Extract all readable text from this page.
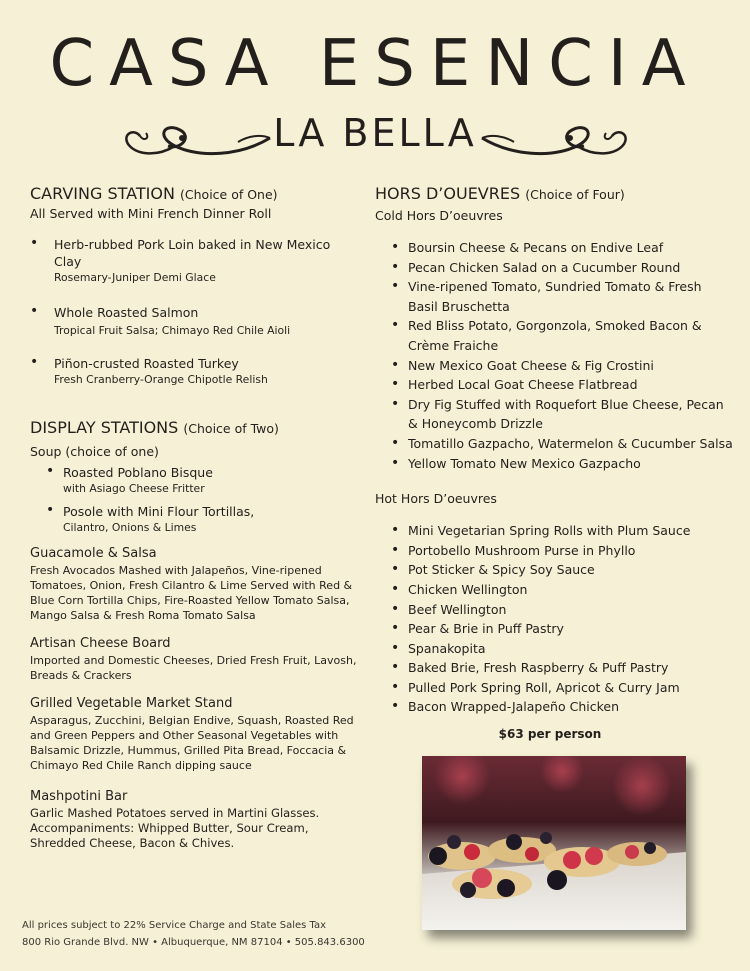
CASA ESENCIA
LA BELLA
CARVING STATION (Choice of One)
All Served with Mini French Dinner Roll
• Herb-rubbed Pork Loin baked in New Mexico Clay
Rosemary-Juniper Demi Glace
• Whole Roasted Salmon
Tropical Fruit Salsa; Chimayo Red Chile Aioli
• Piñon-crusted Roasted Turkey
Fresh Cranberry-Orange Chipotle Relish
DISPLAY STATIONS (Choice of Two)
Soup (choice of one)
• Roasted Poblano Bisque
with Asiago Cheese Fritter
• Posole with Mini Flour Tortillas,
Cilantro, Onions & Limes
Guacamole & Salsa
Fresh Avocados Mashed with Jalapeños, Vine-ripened Tomatoes, Onion, Fresh Cilantro & Lime Served with Red & Blue Corn Tortilla Chips, Fire-Roasted Yellow Tomato Salsa, Mango Salsa & Fresh Roma Tomato Salsa
Artisan Cheese Board
Imported and Domestic Cheeses, Dried Fresh Fruit, Lavosh, Breads & Crackers
Grilled Vegetable Market Stand
Asparagus, Zucchini, Belgian Endive, Squash, Roasted Red and Green Peppers and Other Seasonal Vegetables with Balsamic Drizzle, Hummus, Grilled Pita Bread, Foccacia & Chimayo Red Chile Ranch dipping sauce
Mashpotini Bar
Garlic Mashed Potatoes served in Martini Glasses. Accompaniments: Whipped Butter, Sour Cream, Shredded Cheese, Bacon & Chives.
HORS D’OUEVRES (Choice of Four)
Cold Hors D’oeuvres
• Boursin Cheese & Pecans on Endive Leaf
• Pecan Chicken Salad on a Cucumber Round
• Vine-ripened Tomato, Sundried Tomato & Fresh Basil Bruschetta
• Red Bliss Potato, Gorgonzola, Smoked Bacon & Crème Fraiche
• New Mexico Goat Cheese & Fig Crostini
• Herbed Local Goat Cheese Flatbread
• Dry Fig Stuffed with Roquefort Blue Cheese, Pecan & Honeycomb Drizzle
• Tomatillo Gazpacho, Watermelon & Cucumber Salsa
• Yellow Tomato New Mexico Gazpacho
Hot Hors D’oeuvres
• Mini Vegetarian Spring Rolls with Plum Sauce
• Portobello Mushroom Purse in Phyllo
• Pot Sticker & Spicy Soy Sauce
• Chicken Wellington
• Beef Wellington
• Pear & Brie in Puff Pastry
• Spanakopita
• Baked Brie, Fresh Raspberry & Puff Pastry
• Pulled Pork Spring Roll, Apricot & Curry Jam
• Bacon Wrapped-Jalapeño Chicken
$63 per person
All prices subject to 22% Service Charge and State Sales Tax
800 Rio Grande Blvd. NW • Albuquerque, NM 87104 • 505.843.6300
